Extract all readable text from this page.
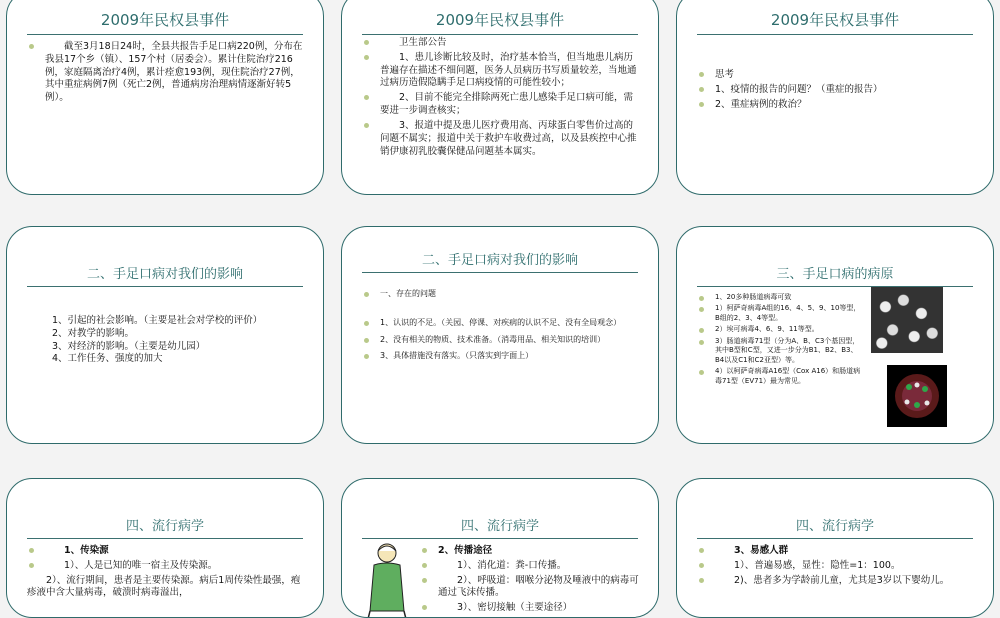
2009年民权县事件
截至3月18日24时，全县共报告手足口病220例，分布在我县17个乡（镇）、157个村（居委会）。累计住院治疗216例，家庭隔离治疗4例，累计痊愈193例，现住院治疗27例，其中重症病例7例（死亡2例，普通病房治理病情逐渐好转5例）。
2009年民权县事件
卫生部公告
1、患儿诊断比较及时，治疗基本恰当，但当地患儿病历普遍存在描述不细问题，医务人员病历书写质量较差，当地通过病历造假隐瞒手足口病疫情的可能性较小；
2、目前不能完全排除两死亡患儿感染手足口病可能，需要进一步调查核实；
3、报道中提及患儿医疗费用高、丙球蛋白零售价过高的问题不属实；报道中关于救护车收费过高，以及县疾控中心推销伊康初乳胶囊保健品问题基本属实。
2009年民权县事件
思考
1、疫情的报告的问题？（重症的报告）
2、重症病例的救治？
二、手足口病对我们的影响
1、引起的社会影响。（主要是社会对学校的评价）
2、对教学的影响。
3、对经济的影响。（主要是幼儿园）
4、工作任务、强度的加大
二、手足口病对我们的影响
一、存在的问题
1、认识的不足。（关园、停课、对疾病的认识不足、没有全局观念）
2、没有相关的物质、技术准备。（消毒用品、相关知识的培训）
3、具体措施没有落实。（只落实到字面上）
三、手足口病的病原
1、20多种肠道病毒可致
1）柯萨奇病毒A组的16、4、5、9、10等型，B组的2、3、4等型。
2）埃可病毒4、6、9、11等型。
3）肠道病毒71型（分为A、B、C3个基因型，其中B型和C型，又进一步分为B1、B2、B3、B4以及C1和C2亚型）等。
4）以柯萨奇病毒A16型（Cox A16）和肠道病毒71型（EV71）最为常见。
四、流行病学
1、传染源
1）、人是已知的唯一宿主及传染源。
2）、流行期间，患者是主要传染源。病后1周传染性最强，疱疹液中含大量病毒，破溃时病毒溢出，
四、流行病学
2、传播途径
1）、消化道：粪-口传播。
2）、呼吸道：咽喉分泌物及唾液中的病毒可通过飞沫传播。
3）、密切接触（主要途径）
四、流行病学
3、易感人群
1）、普遍易感，显性：隐性=1：100。
2)、患者多为学龄前儿童，尤其是3岁以下婴幼儿。
